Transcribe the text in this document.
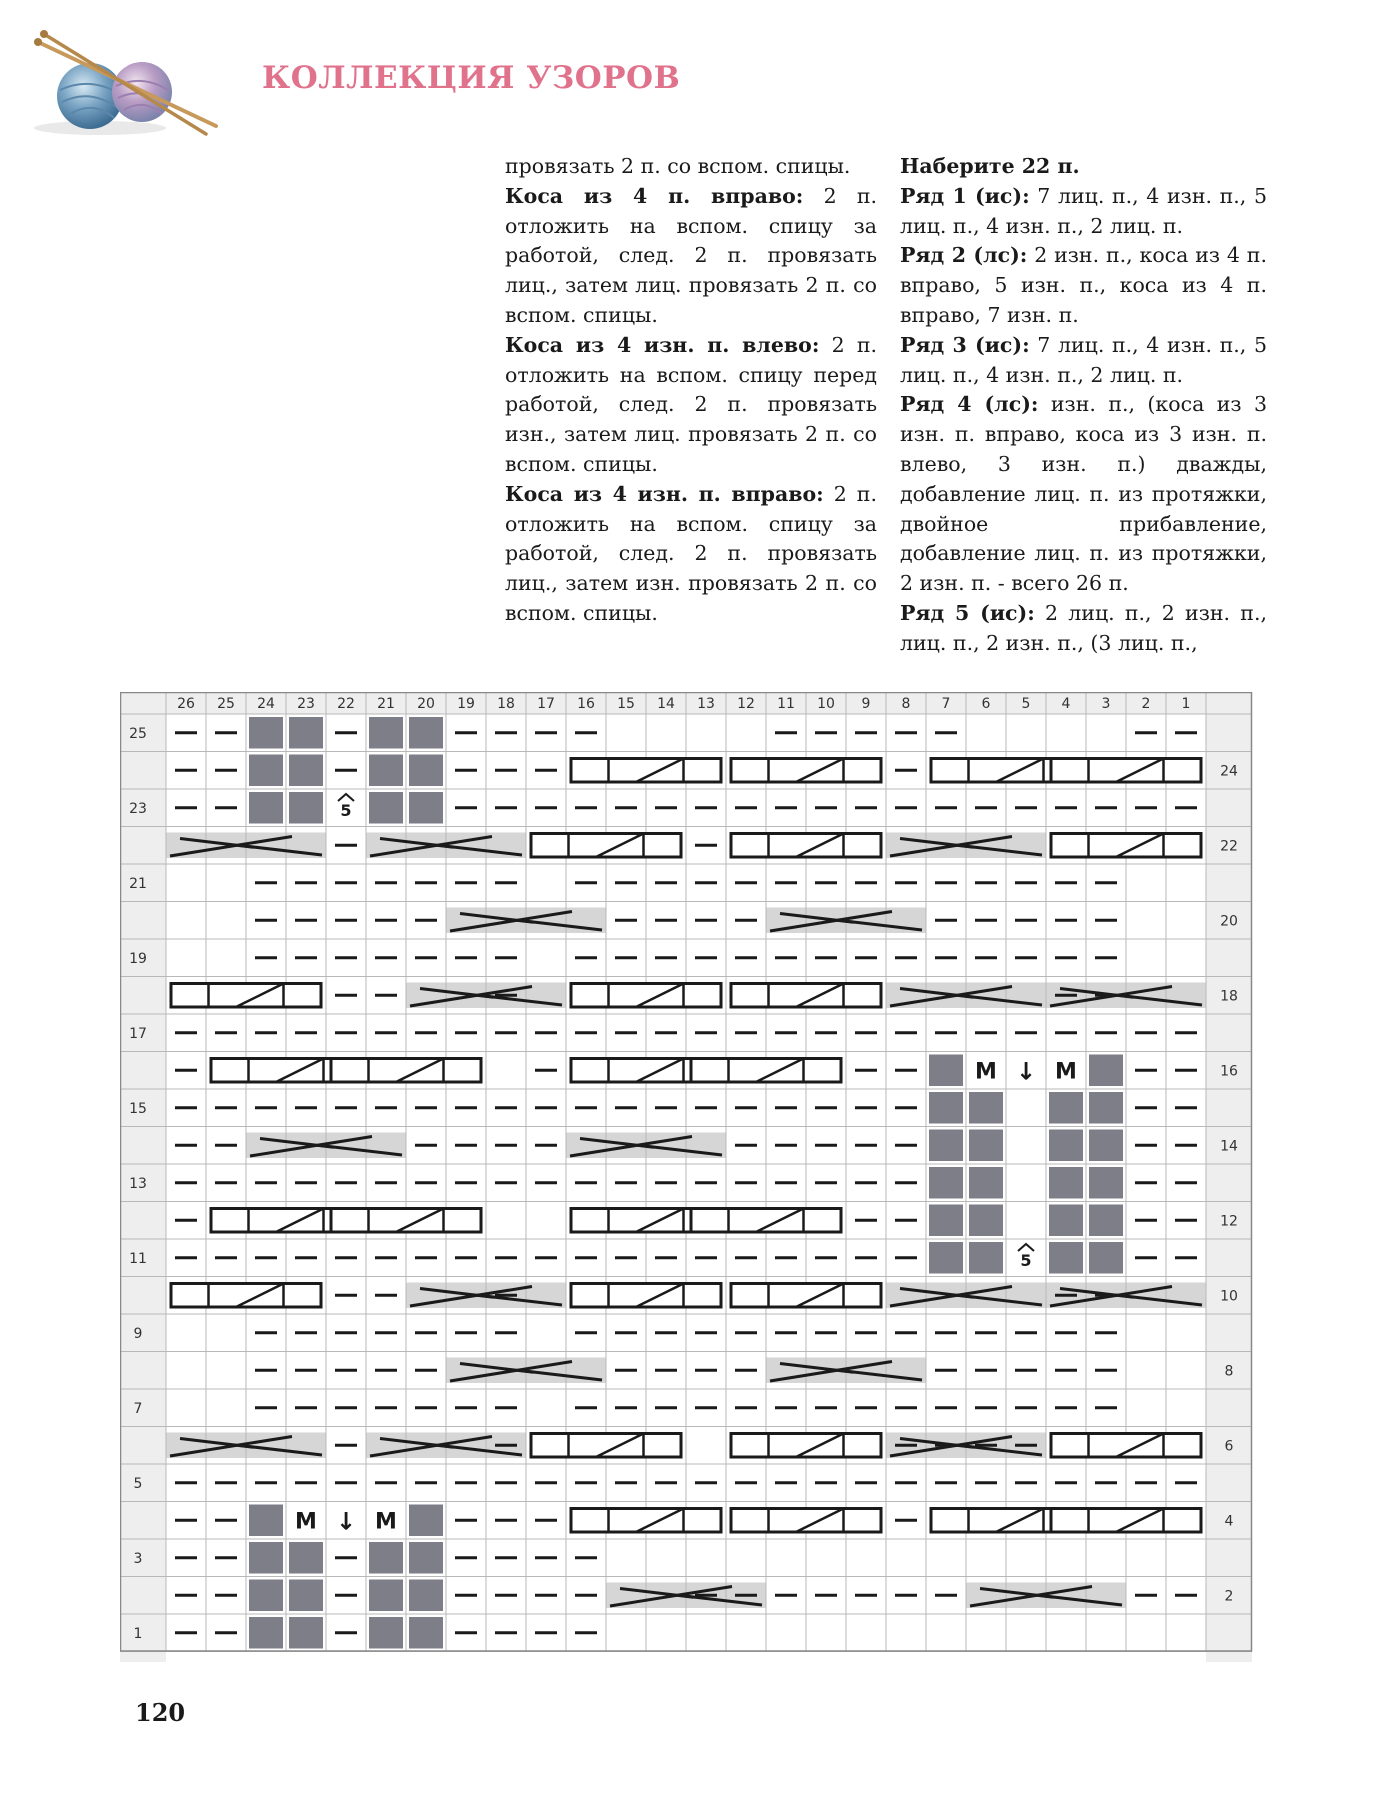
КОЛЛЕКЦИЯ УЗОРОВ

провязать 2 п. со вспом. спицы.

Коса из 4 п. вправо: 2 п. отложить на вспом. спицу за работой, след. 2 п. провязать лиц., затем лиц. провязать 2 п. со вспом. спицы.

Коса из 4 изн. п. влево: 2 п. отложить на вспом. спицу перед работой, след. 2 п. провязать изн., затем лиц. провязать 2 п. со вспом. спицы.

Коса из 4 изн. п. вправо: 2 п. отложить на вспом. спицу за работой, след. 2 п. провязать лиц., затем изн. провязать 2 п. со вспом. спицы.

Наберите 22 п.

Ряд 1 (ис): 7 лиц. п., 4 изн. п., 5 лиц. п., 4 изн. п., 2 лиц. п.

Ряд 2 (лс): 2 изн. п., коса из 4 п. вправо, 5 изн. п., коса из 4 п. вправо, 7 изн. п.

Ряд 3 (ис): 7 лиц. п., 4 изн. п., 5 лиц. п., 4 изн. п., 2 лиц. п.

Ряд 4 (лс): изн. п., (коса из 3 изн. п. вправо, коса из 3 изн. п. влево, 3 изн. п.) дважды, добавление лиц. п. из протяжки, двойное прибавление, добавление лиц. п. из протяжки, 2 изн. п. - всего 26 п.

Ряд 5 (ис): 2 лиц. п., 2 изн. п., лиц. п., 2 изн. п., (3 лиц. п.,

26 25 24 23 22 21 20 19 18 17 16 15 14 13 12 11 10 9 8 7 6 5 4 3 2 1
25
23
21
19
17
15
13
11
9
7
5
3
1
24
22
20
18
16
14
12
10
8
6
4
2
M ↓ M
5
M ↓ M
5
120
